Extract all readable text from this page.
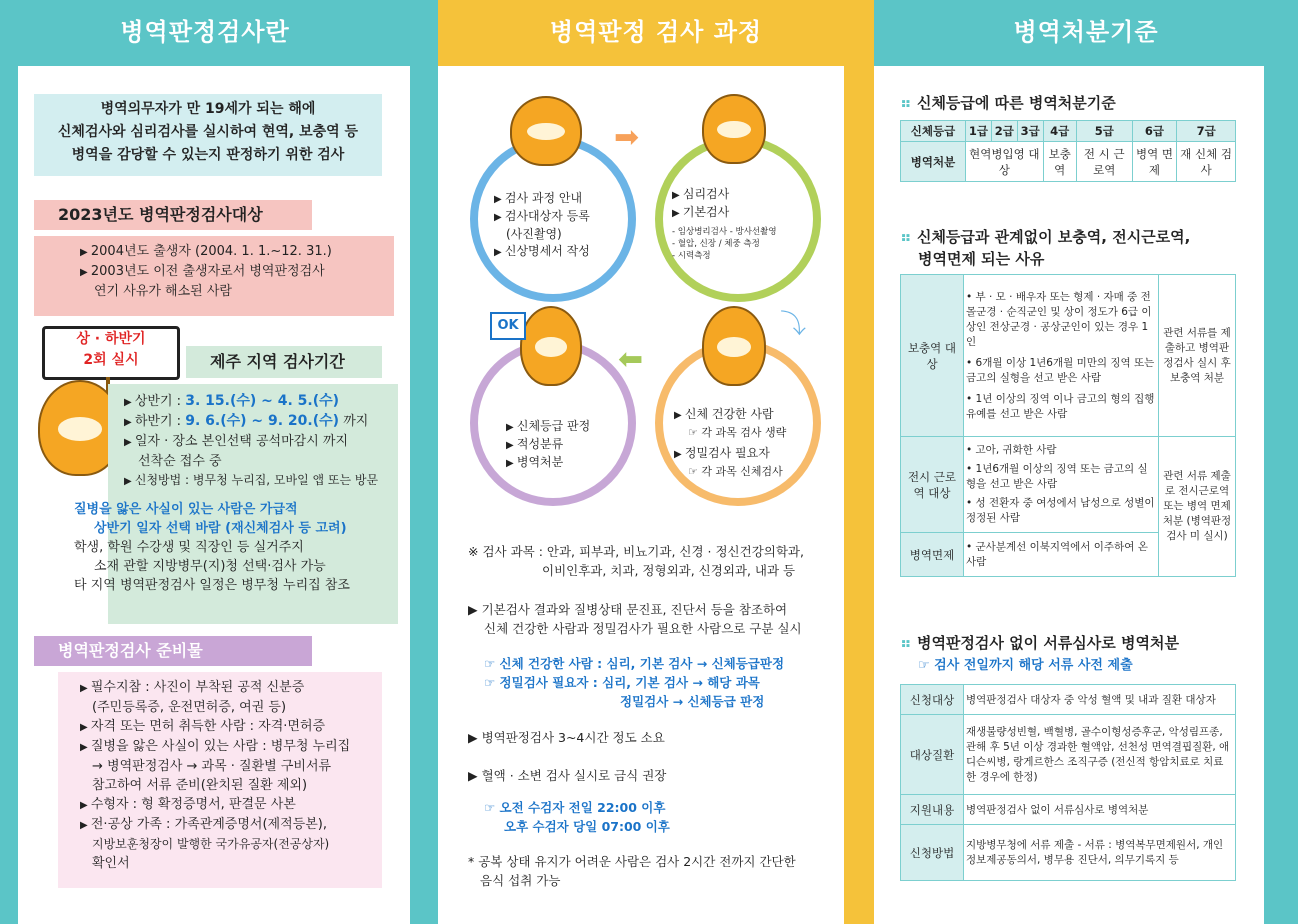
병역판정검사란	병역판정 검사 과정	병역처분기준
병역의무자가 만 19세가 되는 해에
신체검사와 심리검사를 실시하여 현역, 보충역 등
병역을 감당할 수 있는지 판정하기 위한 검사
2023년도 병역판정검사대상
▶ 2004년도 출생자 (2004. 1. 1.~12. 31.)
▶ 2003년도 이전 출생자로서 병역판정검사
연기 사유가 해소된 사람
상 · 하반기
2회 실시	제주 지역 검사기간
▶ 상반기 : 3. 15.(수) ~ 4. 5.(수)
▶ 하반기 : 9. 6.(수) ~ 9. 20.(수) 까지
▶ 일자 · 장소 본인선택 공석마감시 까지
선착순 접수 중
▶ 신청방법 : 병무청 누리집, 모바일 앱 또는 방문
질병을 앓은 사실이 있는 사람은 가급적
상반기 일자 선택 바람 (재신체검사 등 고려)
학생, 학원 수강생 및 직장인 등 실거주지
소재 관할 지방병무(지)청 선택·검사 가능
타 지역 병역판정검사 일정은 병무청 누리집 참조
병역판정검사 준비물
▶ 필수지참 : 사진이 부착된 공적 신분증
(주민등록증, 운전면허증, 여권 등)
▶ 자격 또는 면허 취득한 사람 : 자격·면허증
▶ 질병을 앓은 사실이 있는 사람 : 병무청 누리집
→ 병역판정검사 → 과목 · 질환별 구비서류
참고하여 서류 준비(완치된 질환 제외)
▶ 수형자 : 형 확정증명서, 판결문 사본
▶ 전·공상 가족 : 가족관계증명서(제적등본),
지방보훈청장이 발행한 국가유공자(전공상자)
확인서
OK
➡
⤵
⬅
▶ 검사 과정 안내
▶ 검사대상자 등록
(사진촬영)
▶ 신상명세서 작성
▶ 심리검사
▶ 기본검사
- 임상병리검사 - 방사선촬영
- 혈압, 신장 / 체중 측정
- 시력측정
▶ 신체 건강한 사람
☞ 각 과목 검사 생략
▶ 정밀검사 필요자
☞ 각 과목 신체검사
▶ 신체등급 판정
▶ 적성분류
▶ 병역처분
※ 검사 과목 : 안과, 피부과, 비뇨기과, 신경 · 정신건강의학과,
이비인후과, 치과, 정형외과, 신경외과, 내과 등
▶ 기본검사 결과와 질병상태 문진표, 진단서 등을 참조하여
신체 건강한 사람과 정밀검사가 필요한 사람으로 구분 실시
☞ 신체 건강한 사람 : 심리, 기본 검사 → 신체등급판정
☞ 정밀검사 필요자 : 심리, 기본 검사 → 해당 과목
정밀검사 → 신체등급 판정
▶ 병역판정검사 3~4시간 정도 소요
▶ 혈액 · 소변 검사 실시로 금식 권장
☞ 오전 수검자 전일 22:00 이후
오후 수검자 당일 07:00 이후
* 공복 상태 유지가 어려운 사람은 검사 2시간 전까지 간단한
음식 섭취 가능
⠶ 신체등급에 따른 병역처분기준
신체등급	1급	2급	3급	4급	5급	6급	7급
병역처분	현역병입영 대상			보충역	전 시 근로역	병역 면제	재 신체 검 사
⠶ 신체등급과 관계없이 보충역, 전시근로역,
병역면제 되는 사유
보충역 대상	• 부 · 모 · 배우자 또는 형제 · 자매 중 전몰군경 · 순직군인 및 상이 정도가 6급 이상인 전상군경 · 공상군인이 있는 경우 1인
• 6개월 이상 1년6개월 미만의 징역 또는 금고의 실형을 선고 받은 사람
• 1년 이상의 징역 이나 금고의 형의 집행유예를 선고 받은 사람	관련 서류를 제출하고 병역판정검사 실시 후 보충역 처분
전시 근로역 대상	• 고아, 귀화한 사람
• 1년6개월 이상의 징역 또는 금고의 실형을 선고 받은 사람
• 성 전환자 중 여성에서 남성으로 성별이 정정된 사람	관련 서류 제출로 전시근로역 또는 병역 면제 처분 (병역판정 검사 미 실시)
병역면제	• 군사분계선 이북지역에서 이주하여 온 사람	
⠶ 병역판정검사 없이 서류심사로 병역처분
☞ 검사 전일까지 해당 서류 사전 제출
신청대상	병역판정검사 대상자 중 악성 혈액 및 내과 질환 대상자
대상질환	재생불량성빈혈, 백혈병, 골수이형성증후군, 악성림프종, 관해 후 5년 이상 경과한 혈액암, 선천성 면역결핍질환, 애디슨씨병, 랑게르한스 조직구증 (전신적 항암치료로 치료한 경우에 한정)
지원내용	병역판정검사 없이 서류심사로 병역처분
신청방법	지방병무청에 서류 제출 - 서류 : 병역복무면제원서, 개인정보제공동의서, 병무용 진단서, 의무기록지 등
